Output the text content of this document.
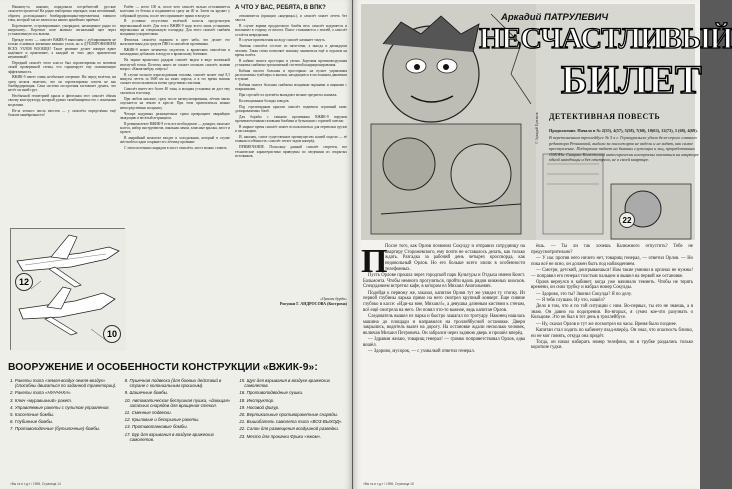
Наконец-то, наконец порадовали потребителей русские самолетостроители! На радио выборочно перекрыт, пока негативный, образец долгожданного бомбардировщика-перехватчика главного типа, который так не хватало на наших армейских приёмах!

Короткошеее, островершинное, узкорядное, насыщенное радио по интрошиту... Короткое поле вызвало сигнальный щит через установленную ось вызова.

Прежде всего — самолёт ВЖИК-9 выполнен с дублированием не только основных жизненно важных узлов, но и ДУБЛИРОВАНИЕМ ВСЕХ УЗЛОВ ВООБЩЕ! Такое решение делает аппарат вдвое надёжнее и практичнее, а каждый из этих двух практически неуязвимый!

Передний самолёт этого класса был спроектирован по мотивам самой проверенной схемы, что гарантирует ему пожизненную эффективность.

ВЖИК-9 имеет очень необычное оперение. Ни перед взлётом, ни сразу нельзя заметить, что он спроектирован совсем не как бомбардировщик. Сама система построения заставляет думать, что несёт он иной груз.

Необычной геометрией крыла и фюзеляжа этот самолёт обязан своему конструктору, который удачно скомбинировал его с опытными моделями.

Из-за четного числа хвостов — у самолёта определённо ещё больше манёвренности!

12
10

Разбег — всего 100 м, после чего самолёт сильно отталкивается колесами от бетона и поднимается сразу на 40 м. Затем он кружит у собранной группы, после чего принимает прямо в воздухе.

В условиях отсутствия взлётной полосы предусмотрен вертикальный взлёт. Для этого ВЖИК-9 надо всего лишь установить вертикально на специальную площадку. Для этого самолёт снабжён мощными ускорителями.

Фюзеляж самолёта окрашен в цвет неба, что делает его малозаметным для средств ПВО и самолётов противника.

ВЖИК-9 может незаметно подлетать к вражеским самолётам и неожиданно добавлять в воздухе к вражескому боевиков.

На экране вражеских радаров самолёт виден в виде маленькой изогнутой точки. Поэтому никто не сможет опознать самолёт, вызвав вопрос «Какая-нибудь смерть»!

В случае полного израсходования топлива, самолёт может ещё 8,3 минуты лететь за 3600 км на запах пороха, а в это время экипаж сможет воспользоваться всеми средствами спасения.

Самолёт имеет вес более 40 тонн, и мощная установка не даст ему свалиться в штопор.

При любом наклоне, сразу после катапультирования, лётчик мягко опускается на землю в кресле. При этом приземлиться можно непосредственно на крышу.

Четыре надувных разноцветных трапа превращают аварийную эвакуацию в весёлый аттракцион.

В ремкомплекте ВЖИК-9 есть все необходимое — домкрат, запасное колесо, набор инструментов, паяльная лампа, запасные крылья, хвост и прочее.

В аварийный комплект входит и холодильник, который в случае жёсткой посадки сохранит его лётчику провиант.

С этим полезным снарядом в хвост самолёта, хвост можно ставить

А ЧТО У ВАС, РЕБЯТА, В ВПК?

отваливается (принцип «ящерицы»), и самолёт может лететь без хвоста.

В случае взрыва продуктового бомбы весь самолёт надувается и всплывает в сторону от пилота. Пилот сталкивается с землёй, а самолёт остаётся невредимым.

В случае приземления на воду самолёт начинает тонуть.

Экипаж самолёта состоит из пяти-семи, а иногда и двенадцати человек. Такая схема позволяет экипажу заниматься ещё и отдыхом на время полёта.

В кабине пилота просторно и уютно. Бортовая противовоздушная установка снабжена эргономичной системой кондиционирования.

Кабина пилота большая и просторная: на пульте управления расположены тумблеры и кнопки, находящиеся в постоянном движении в тумане.

Кабина пилота большая снабжена мощными экранами и ящиками с покрышками.

При стрельбе из пулемёта выпадают мелкие предметы экипажа.

Коллекционные болиды заводов.

Под стреловидным крылом самолёт подвешен огромный запас дозаправляемых бомб.

Для борьбы с танками противника ВЖИК-9 воружен противопехотными газовыми бомбами и бутылками с горючей смесью.

В мирное время самолёт может использоваться для перевозки грузов и пассажиров.

И, наконец, самое существенное преимущество нашей модели — её главная особенность: самолёт летает задом наперёд.

ПРИМЕЧАНИЕ. Поскольку данный самолёт секретен, все технические характеристики приведены по сведениям из открытых источников.

«Орален бурди»
Рисунки Г. АНДРОСОВА (Кострома)
ВООРУЖЕНИЕ И ОСОБЕННОСТИ КОНСТРУКЦИИ «ВЖИК-9»:
1. Ракеты типа «земля-воздух-земля-воздух» (способны двигаться по заданной траектории).
2. Ракеты типа «НУНЧАКА».
3. Ключ «муравьиный» ракет.
4. Управляемые ракеты с пультом управления.
5. Кассетные бомбы.
6. Глубинные бомбы.
7. Противолодочные (бутылочные) бомбы.
8. Пушечная подвеска (для боевых действий в стране с колониальным прошлым).
9. Шашечные бомбы.
10. Автоматическая беспушная пушка, «дающая» запасных снарядов для вращения стекол.
11. Сменные подвески.
12. Крыловые и бескрылые ракеты.
13. Противотанковые бомбы.
17. Бур для взрывания в воздухе вражеских самолетов.
15. Щуп для взрывания в воздухе вражеских самолетов.
16. Противоподводные пушки.
18. Инструктор.
19. Носовой фигур.
20. Вертикальные противоракетные снаряды.
21. Вышибатель самолета типа «ВОЗ-ВЫХОД».
22. Салон для размещения воздушной разведки.
23. Место для прокачки Фрики «ежом».
«Вы та и т.д.» / 1998, Страница 14
Аркадий ПАТРУЛЕВИЧ
НЕСЧАСТЛИВЫЙ
БИЛЕТ
ДЕТЕКТИВНАЯ ПОВЕСТЬ
Продолжение. Начало в № 2(55), 4(57), 5(58), 7(60), 10(63), 12(73), 3 (68), 4(69).
В переполненном троллейбусе № 5 в г. Горноуральске убили бело-серого главного редактора Резниковой, выдали за пассажиров не видели и не видят, как самое преступление. Подозрение падает на бывших служащих и лиц, проработавших ОМОНа. Сыщики Калюжиной категорически настроены оказаться на квартире одной наводчицы и без отстрела, не в своей квартире.
© Аркадий Булгаков
22
П

После того, как Орлов позвонил Сокулду и отправил сотрудницу на квартиру Сторожевского, ему почти не оставалось делать, как только ждать. Разгадка за рабочий день четырех кроссворда, как недовольный Орлов. Но его больше всего злили в особенности телефонных.

Пусть Орлове прошла через городской парк Культуры и Отдыха имени Конст. Бальмонта. Чтобы немного прогуляться, пройти вдоль рядов книжных киосков. Спецзданием встретил кафе, в котором ел Михаил Анатольевич.

Подойдя к первому же, заказал, капитан Орлов тут же увидел ту стопку. Из первой глубины ларька прямо на него смотрел крупный конверт. Еще сияние глубоко в кассе: «Иди-ка мне, Михаил!», а девушка длинным кистями к стенам, всё ещё смотрела на него. Он понял что-то важное, ведь капитан Орлов.

Следователь вышел из парка и быстро зашагал по тротуару. Наконец нашлась машина до площади и направился на троллейбусной остановке. Двери закрылись, водитель вылез на дорогу. На остановке ждали несколько человек, включая Михаил Петровича. Он забрался через заднюю дверь и прошёл вперёд.

— Здравия желаю, товарищ генерал! — громко поприветствовал Орлов, едва вошёл.

— Здорово, мусорок, — с ухмылкой ответил генерал.

ёшь. — Ты ли так хочешь Калюжного отпустить? Тебе не предусмотрительно?

— У нас против него ничего нет, товарищ генерал, — ответил Орлов. — Но пока всё не ясно, он должен быть под наблюдением.

— Смотри, детский, доигрываешься! Нам такие умники в органах не нужны! — поправил его генерал толстым пальцем и вышел на первой же остановке.

Орлов вернулся в кабинет, когда уже начинало темнеть. Чтобы не терять времени, он снял трубку и набрал номер Сокулды.

— Здорово, это ты? Звонил Сокулда? Я по делу.

— Я тебя слушаю. Ну что, нашёл?

Дело в том, что я по той ситуации с ним. Во-первых, ты его не знаешь, а я знаю. Он давно на подозрении. Во-вторых, я сумел кое-что разузнать о Кольцове. Это он был в тот день в троллейбусе.

— Ну, сказал Орлов и тут же посмотрел на часы. Время было позднее.

Капитан стал ходить по кабинету взад-вперёд. Он знал, что опасность близко, но не мог понять, откуда она придёт.

Тогда, он начал набирать номер телефона, но в трубке раздались только короткие гудки.

«Вы та и т.д.» / 1998, Страница 15
